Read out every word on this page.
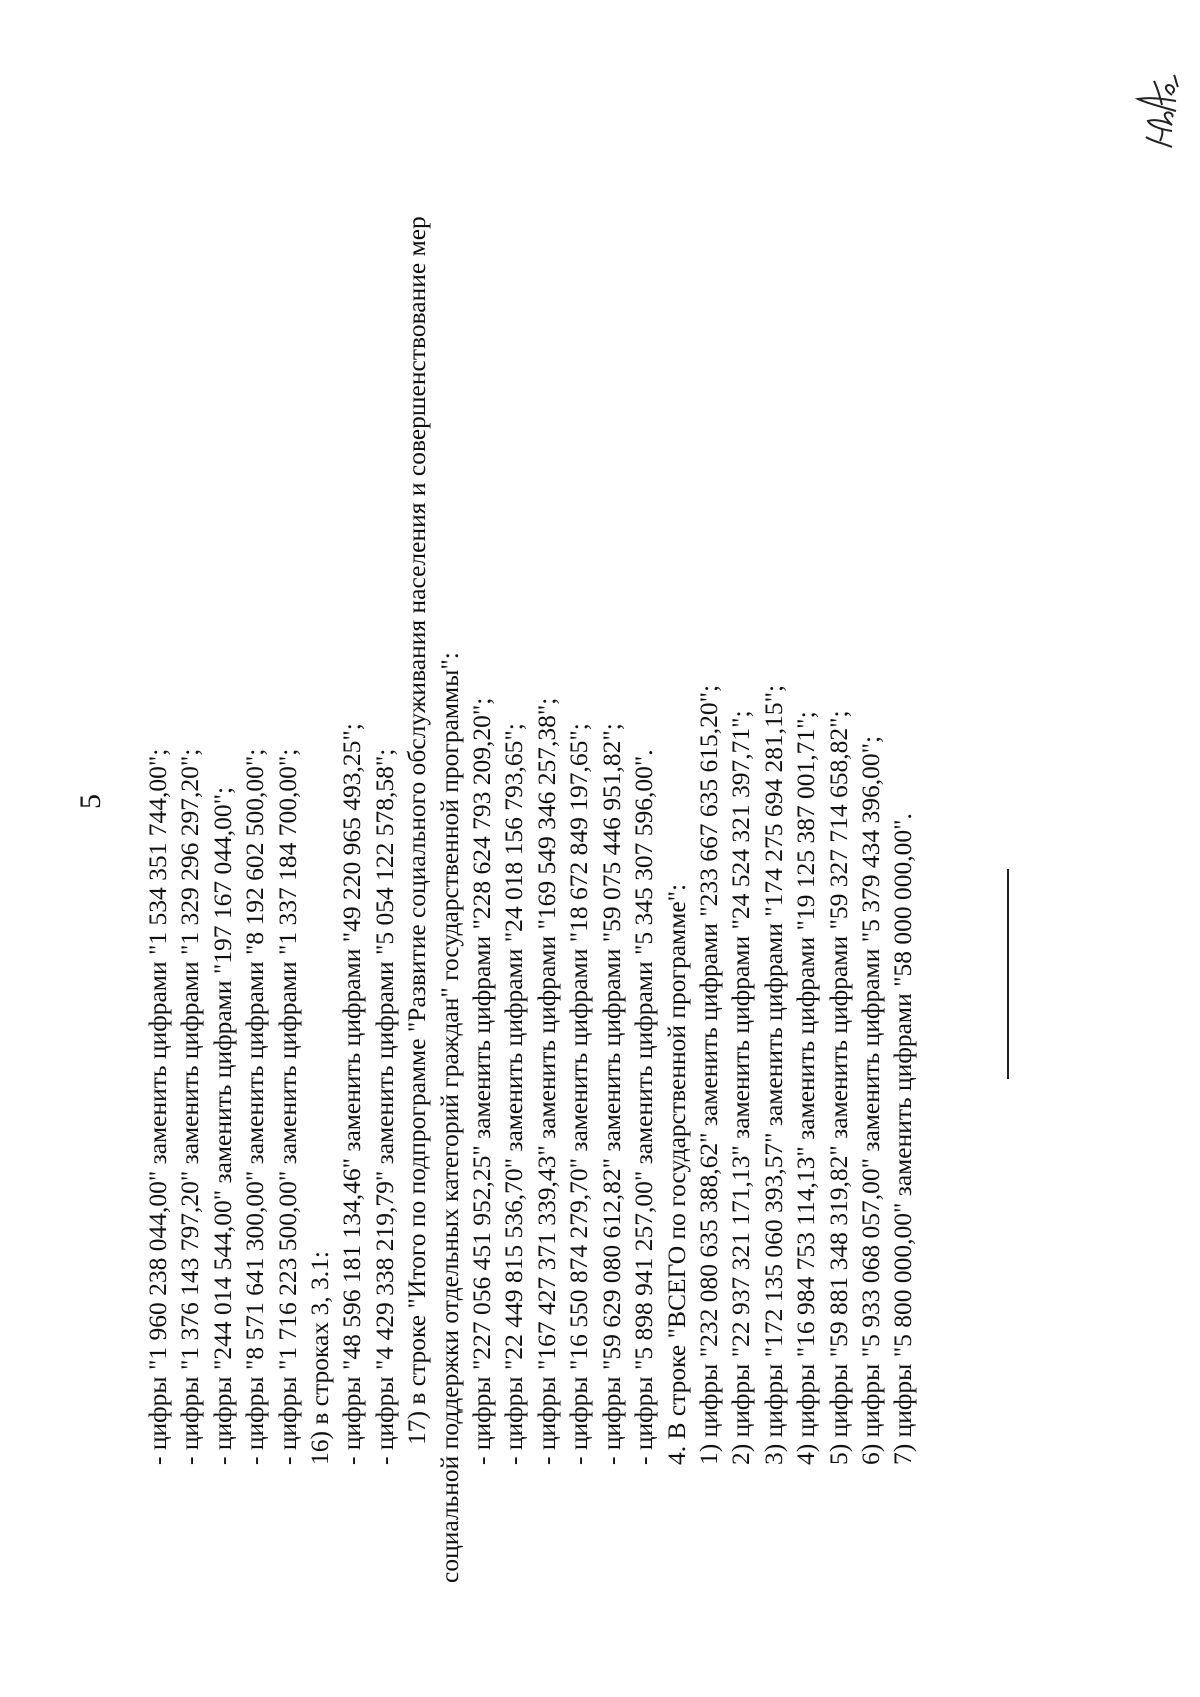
5 - цифры "1 960 238 044,00" заменить цифрами "1 534 351 744,00"; - цифры "1 376 143 797,20" заменить цифрами "1 329 296 297,20"; - цифры "244 014 544,00" заменить цифрами "197 167 044,00"; - цифры "8 571 641 300,00" заменить цифрами "8 192 602 500,00"; - цифры "1 716 223 500,00" заменить цифрами "1 337 184 700,00"; 16) в строках 3, 3.1: - цифры "48 596 181 134,46" заменить цифрами "49 220 965 493,25"; - цифры "4 429 338 219,79" заменить цифрами "5 054 122 578,58"; 17) в строке "Итого по подпрограмме "Развитие социального обслуживания населения и совершенствование мер социальной поддержки отдельных категорий граждан" государственной программы": - цифры "227 056 451 952,25" заменить цифрами "228 624 793 209,20"; - цифры "22 449 815 536,70" заменить цифрами "24 018 156 793,65"; - цифры "167 427 371 339,43" заменить цифрами "169 549 346 257,38"; - цифры "16 550 874 279,70" заменить цифрами "18 672 849 197,65"; - цифры "59 629 080 612,82" заменить цифрами "59 075 446 951,82"; - цифры "5 898 941 257,00" заменить цифрами "5 345 307 596,00". 4. В строке "ВСЕГО по государственной программе": 1) цифры "232 080 635 388,62" заменить цифрами "233 667 635 615,20"; 2) цифры "22 937 321 171,13" заменить цифрами "24 524 321 397,71"; 3) цифры "172 135 060 393,57" заменить цифрами "174 275 694 281,15"; 4) цифры "16 984 753 114,13" заменить цифрами "19 125 387 001,71"; 5) цифры "59 881 348 319,82" заменить цифрами "59 327 714 658,82"; 6) цифры "5 933 068 057,00" заменить цифрами "5 379 434 396,00"; 7) цифры "5 800 000,00" заменить цифрами "58 000 000,00".
